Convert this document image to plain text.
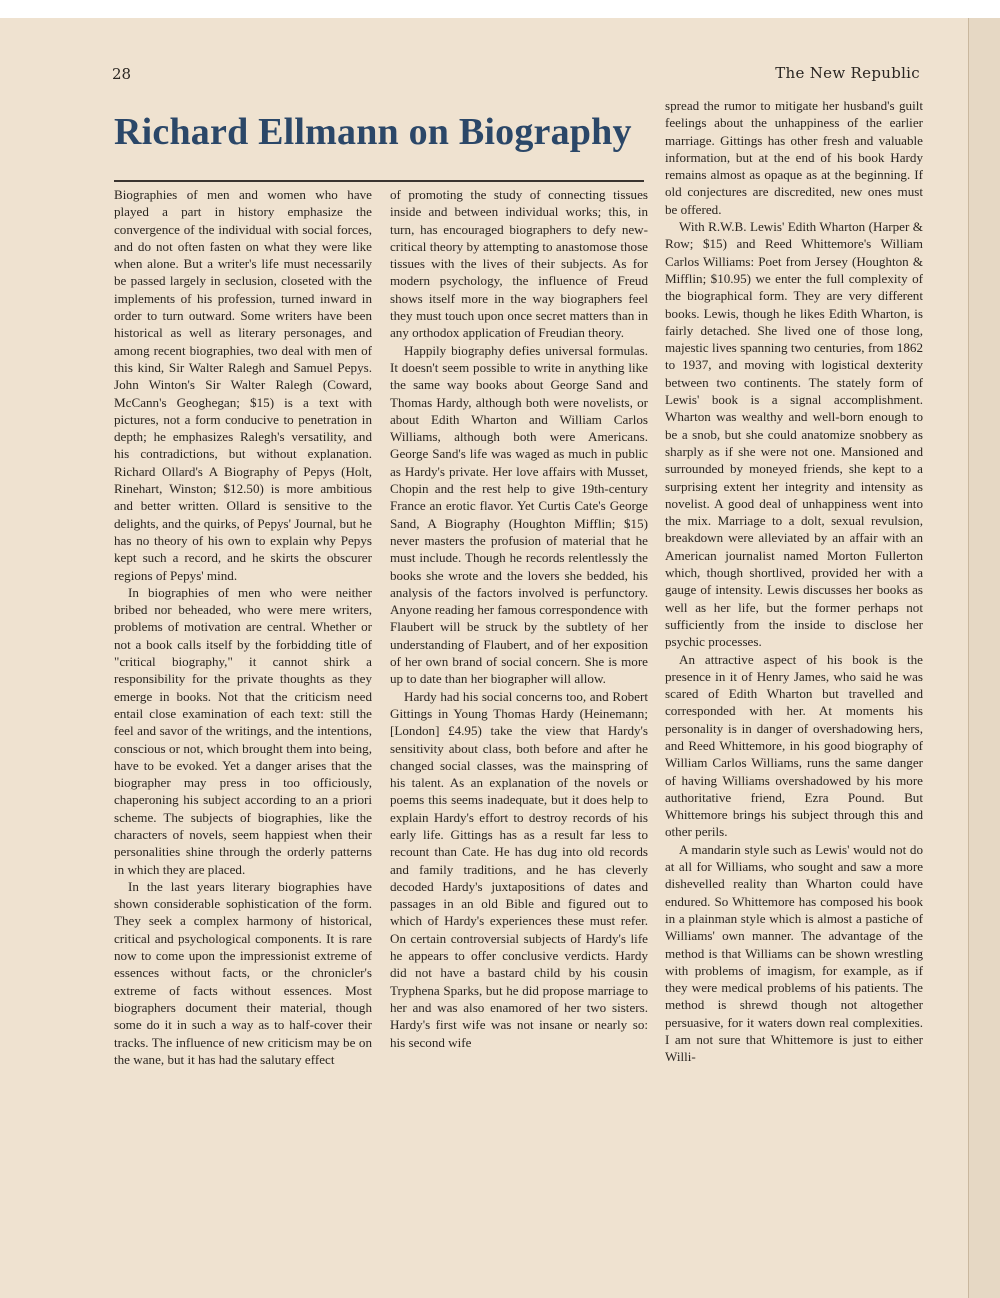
28	The New Republic
Richard Ellmann on Biography

Biographies of men and women who have played a part in history emphasize the convergence of the individual with social forces, and do not often fasten on what they were like when alone. But a writer's life must necessarily be passed largely in seclusion, closeted with the implements of his profession, turned inward in order to turn outward. Some writers have been historical as well as literary personages, and among recent biographies, two deal with men of this kind, Sir Walter Ralegh and Samuel Pepys. John Winton's Sir Walter Ralegh (Coward, McCann's Geoghegan; $15) is a text with pictures, not a form conducive to penetration in depth; he emphasizes Ralegh's versatility, and his contradictions, but without explanation. Richard Ollard's A Biography of Pepys (Holt, Rinehart, Winston; $12.50) is more ambitious and better written. Ollard is sensitive to the delights, and the quirks, of Pepys' Journal, but he has no theory of his own to explain why Pepys kept such a record, and he skirts the obscurer regions of Pepys' mind.

In biographies of men who were neither bribed nor beheaded, who were mere writers, problems of motivation are central. Whether or not a book calls itself by the forbidding title of "critical biography," it cannot shirk a responsibility for the private thoughts as they emerge in books. Not that the criticism need entail close examination of each text: still the feel and savor of the writings, and the intentions, conscious or not, which brought them into being, have to be evoked. Yet a danger arises that the biographer may press in too officiously, chaperoning his subject according to an a priori scheme. The subjects of biographies, like the characters of novels, seem happiest when their personalities shine through the orderly patterns in which they are placed.

In the last years literary biographies have shown considerable sophistication of the form. They seek a complex harmony of historical, critical and psychological components. It is rare now to come upon the impressionist extreme of essences without facts, or the chronicler's extreme of facts without essences. Most biographers document their material, though some do it in such a way as to half-cover their tracks. The influence of new criticism may be on the wane, but it has had the salutary effect

of promoting the study of connecting tissues inside and between individual works; this, in turn, has encouraged biographers to defy new-critical theory by attempting to anastomose those tissues with the lives of their subjects. As for modern psychology, the influence of Freud shows itself more in the way biographers feel they must touch upon once secret matters than in any orthodox application of Freudian theory.

Happily biography defies universal formulas. It doesn't seem possible to write in anything like the same way books about George Sand and Thomas Hardy, although both were novelists, or about Edith Wharton and William Carlos Williams, although both were Americans. George Sand's life was waged as much in public as Hardy's private. Her love affairs with Musset, Chopin and the rest help to give 19th-century France an erotic flavor. Yet Curtis Cate's George Sand, A Biography (Houghton Mifflin; $15) never masters the profusion of material that he must include. Though he records relentlessly the books she wrote and the lovers she bedded, his analysis of the factors involved is perfunctory. Anyone reading her famous correspondence with Flaubert will be struck by the subtlety of her understanding of Flaubert, and of her exposition of her own brand of social concern. She is more up to date than her biographer will allow.

Hardy had his social concerns too, and Robert Gittings in Young Thomas Hardy (Heinemann; [London] £4.95) take the view that Hardy's sensitivity about class, both before and after he changed social classes, was the mainspring of his talent. As an explanation of the novels or poems this seems inadequate, but it does help to explain Hardy's effort to destroy records of his early life. Gittings has as a result far less to recount than Cate. He has dug into old records and family traditions, and he has cleverly decoded Hardy's juxtapositions of dates and passages in an old Bible and figured out to which of Hardy's experiences these must refer. On certain controversial subjects of Hardy's life he appears to offer conclusive verdicts. Hardy did not have a bastard child by his cousin Tryphena Sparks, but he did propose marriage to her and was also enamored of her two sisters. Hardy's first wife was not insane or nearly so: his second wife

spread the rumor to mitigate her husband's guilt feelings about the unhappiness of the earlier marriage. Gittings has other fresh and valuable information, but at the end of his book Hardy remains almost as opaque as at the beginning. If old conjectures are discredited, new ones must be offered.

With R.W.B. Lewis' Edith Wharton (Harper & Row; $15) and Reed Whittemore's William Carlos Williams: Poet from Jersey (Houghton & Mifflin; $10.95) we enter the full complexity of the biographical form. They are very different books. Lewis, though he likes Edith Wharton, is fairly detached. She lived one of those long, majestic lives spanning two centuries, from 1862 to 1937, and moving with logistical dexterity between two continents. The stately form of Lewis' book is a signal accomplishment. Wharton was wealthy and well-born enough to be a snob, but she could anatomize snobbery as sharply as if she were not one. Mansioned and surrounded by moneyed friends, she kept to a surprising extent her integrity and intensity as novelist. A good deal of unhappiness went into the mix. Marriage to a dolt, sexual revulsion, breakdown were alleviated by an affair with an American journalist named Morton Fullerton which, though shortlived, provided her with a gauge of intensity. Lewis discusses her books as well as her life, but the former perhaps not sufficiently from the inside to disclose her psychic processes.

An attractive aspect of his book is the presence in it of Henry James, who said he was scared of Edith Wharton but travelled and corresponded with her. At moments his personality is in danger of overshadowing hers, and Reed Whittemore, in his good biography of William Carlos Williams, runs the same danger of having Williams overshadowed by his more authoritative friend, Ezra Pound. But Whittemore brings his subject through this and other perils.

A mandarin style such as Lewis' would not do at all for Williams, who sought and saw a more dishevelled reality than Wharton could have endured. So Whittemore has composed his book in a plainman style which is almost a pastiche of Williams' own manner. The advantage of the method is that Williams can be shown wrestling with problems of imagism, for example, as if they were medical problems of his patients. The method is shrewd though not altogether persuasive, for it waters down real complexities. I am not sure that Whittemore is just to either Willi-
